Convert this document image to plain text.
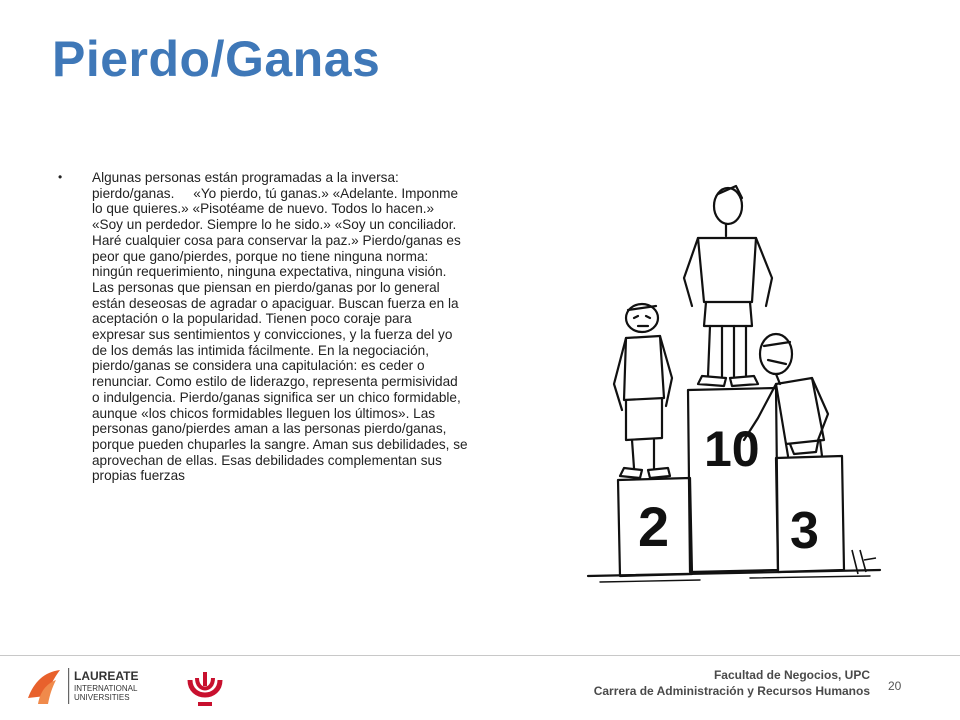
Pierdo/Ganas
•	Algunas personas están programadas a la inversa: pierdo/ganas.     «Yo pierdo, tú ganas.» «Adelante. Imponme lo que quieres.» «Pisotéame de nuevo. Todos lo hacen.» «Soy un perdedor. Siempre lo he sido.» «Soy un conciliador. Haré cualquier cosa para conservar la paz.» Pierdo/ganas es peor que gano/pierdes, porque no tiene ninguna norma: ningún requerimiento, ninguna expectativa, ninguna visión. Las personas que piensan en pierdo/ganas por lo general están deseosas de agradar o apaciguar. Buscan fuerza en la aceptación o la popularidad. Tienen poco coraje para expresar sus sentimientos y convicciones, y la fuerza del yo de los demás las intimida fácilmente. En la negociación, pierdo/ganas se considera una capitulación: es ceder o renunciar. Como estilo de liderazgo, representa permisividad o indulgencia. Pierdo/ganas significa ser un chico formidable, aunque «los chicos formidables lleguen los últimos». Las personas gano/pierdes aman a las personas pierdo/ganas, porque pueden chuparles la sangre. Aman sus debilidades, se aprovechan de ellas. Esas debilidades complementan sus propias fuerzas	10
2 3
LAUREATE
INTERNATIONAL
UNIVERSITIES
Facultad de Negocios, UPC
Carrera de Administración y Recursos Humanos 20
